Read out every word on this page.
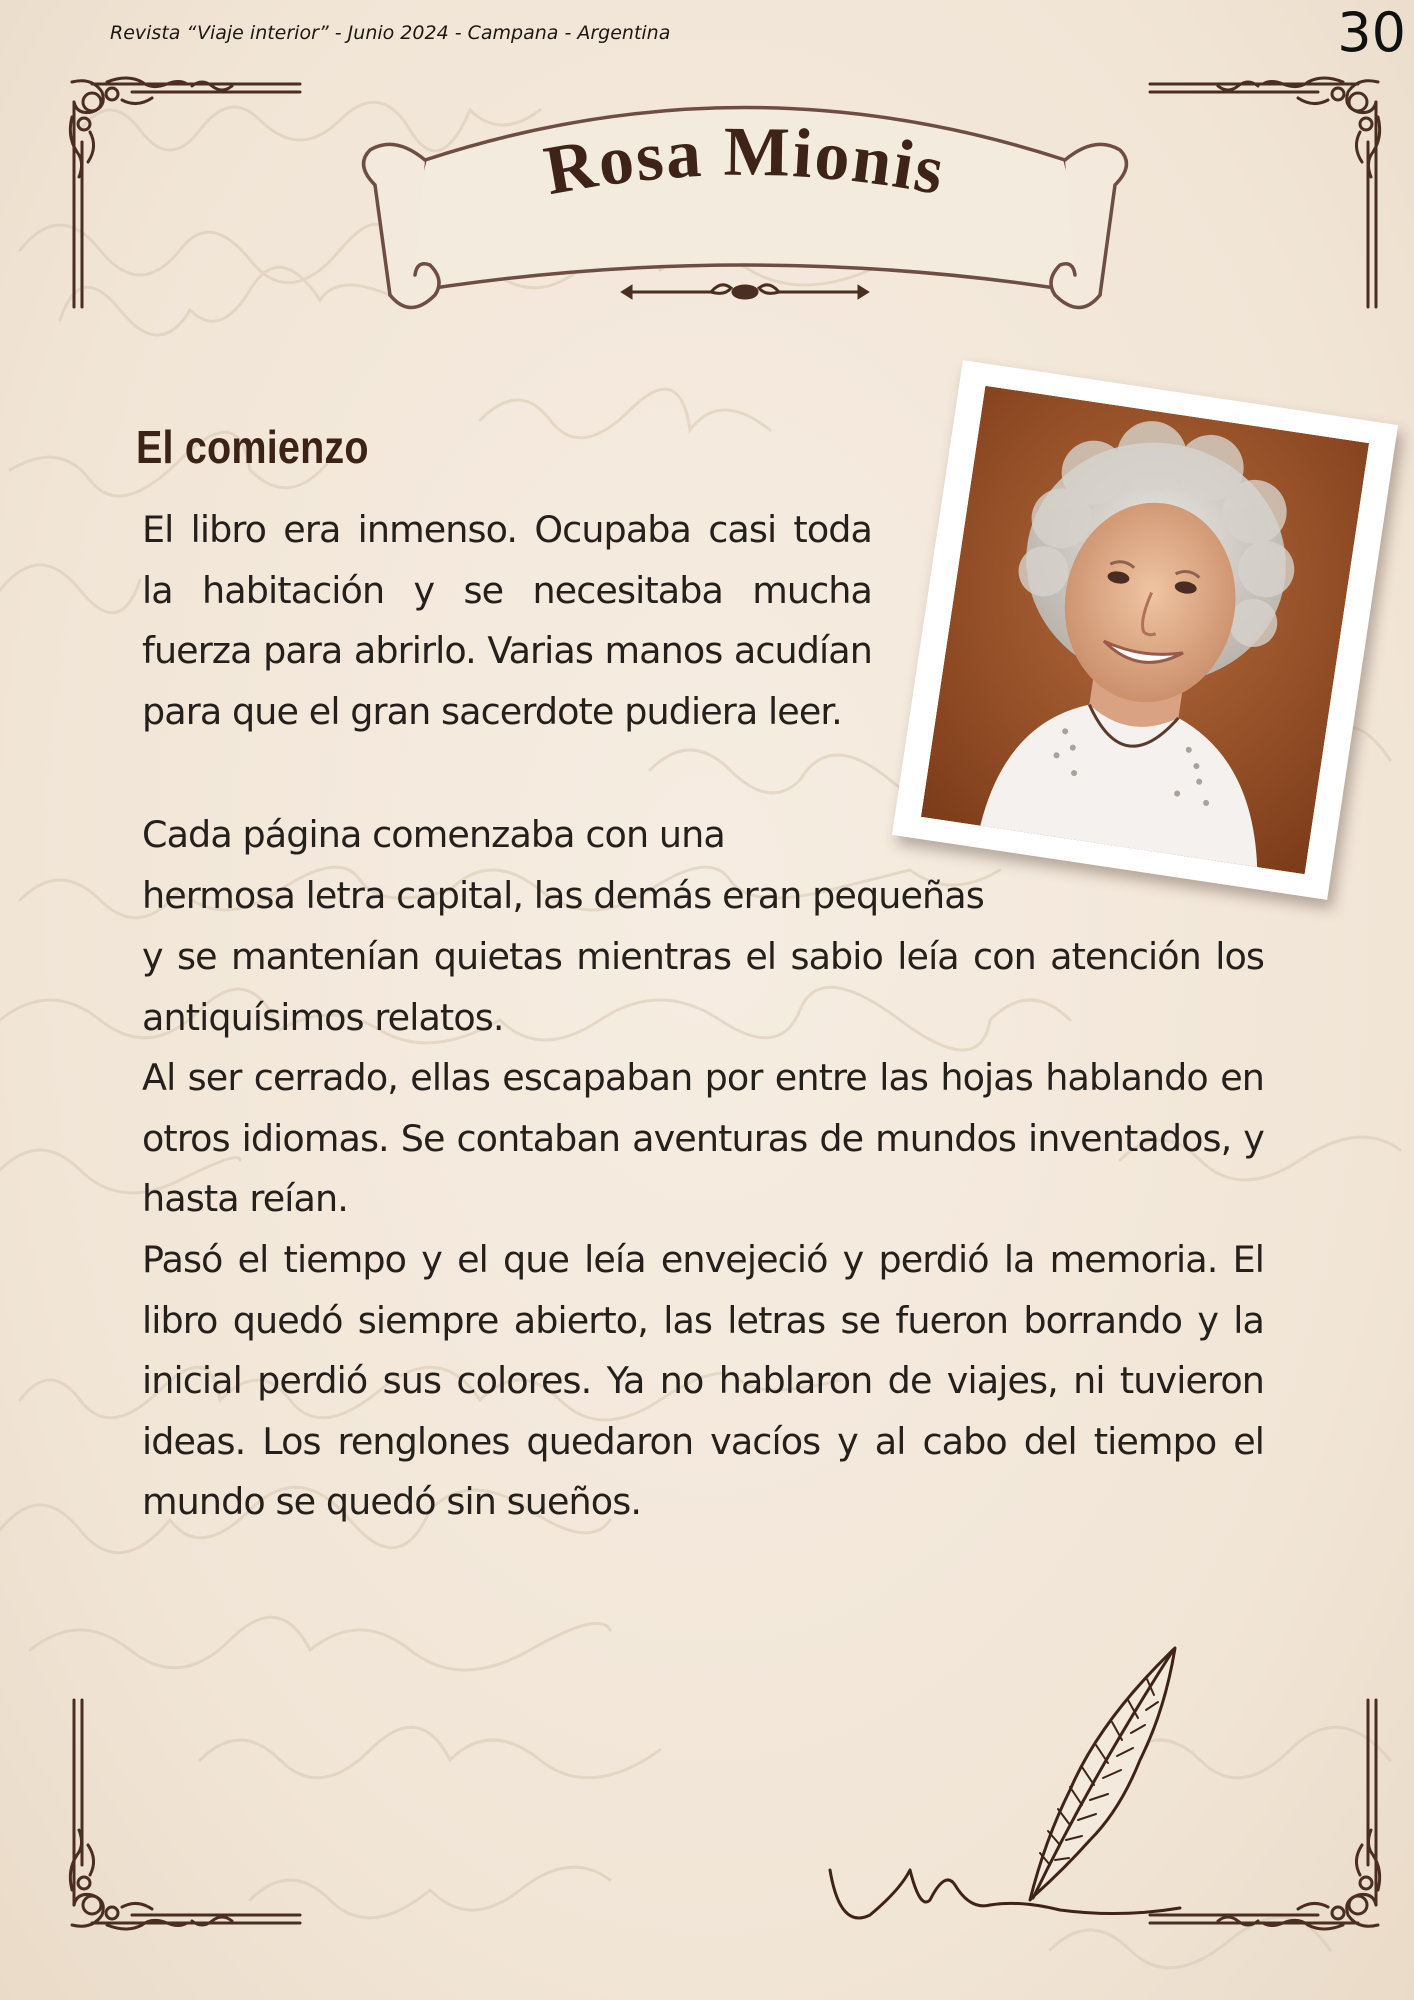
Revista “Viaje interior” - Junio 2024 - Campana - Argentina	30
Rosa Mionis
El comienzo
El libro era inmenso. Ocupaba casi toda la habitación y se necesitaba mucha fuerza para abrirlo. Varias manos acudían para que el gran sacerdote pudiera leer.
Cada página comenzaba con una
hermosa letra capital, las demás eran pequeñas
y se mantenían quietas mientras el sabio leía con atención los antiquísimos relatos.
Al ser cerrado, ellas escapaban por entre las hojas hablando en otros idiomas. Se contaban aventuras de mundos inventados, y hasta reían.
Pasó el tiempo y el que leía envejeció y perdió la memoria. El libro quedó siempre abierto, las letras se fueron borrando y la inicial perdió sus colores. Ya no hablaron de viajes, ni tuvieron ideas. Los renglones quedaron vacíos y al cabo del tiempo el mundo se quedó sin sueños.
